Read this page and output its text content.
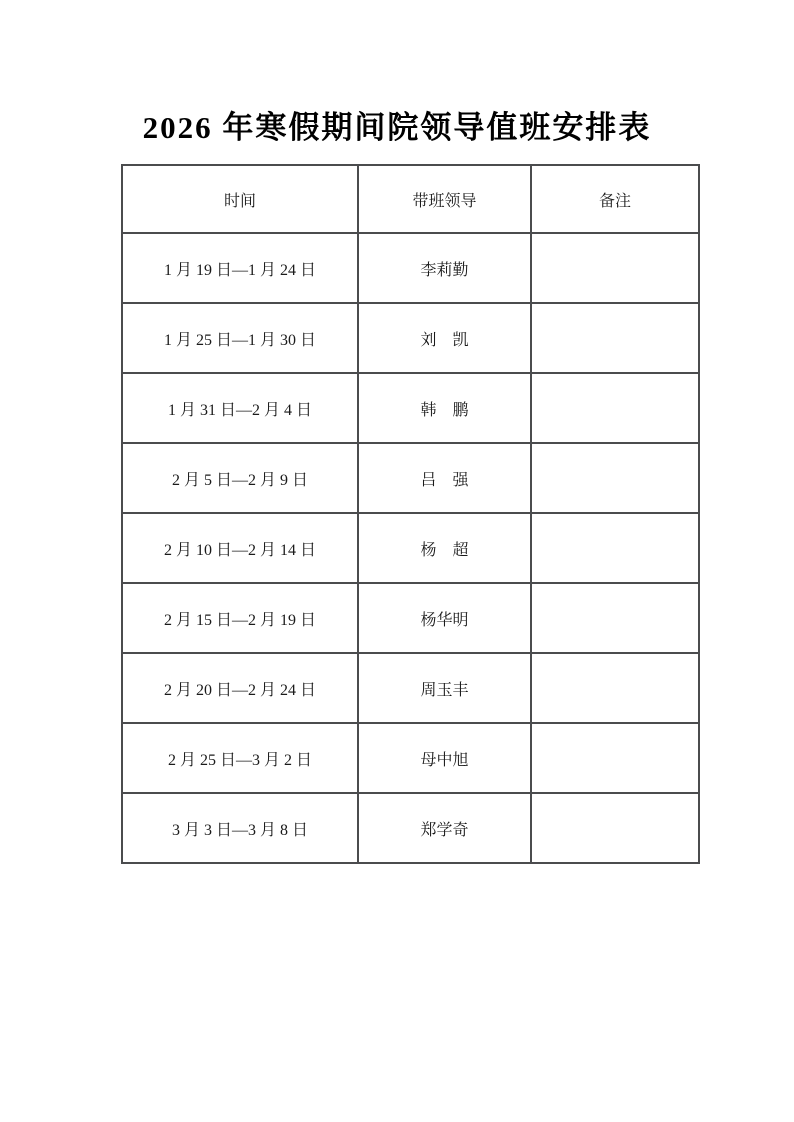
2026 年寒假期间院领导值班安排表
时间	带班领导	备注
1 月 19 日—1 月 24 日	李莉勤	
1 月 25 日—1 月 30 日	刘　凯	
1 月 31 日—2 月 4 日	韩　鹏	
2 月 5 日—2 月 9 日	吕　强	
2 月 10 日—2 月 14 日	杨　超	
2 月 15 日—2 月 19 日	杨华明	
2 月 20 日—2 月 24 日	周玉丰	
2 月 25 日—3 月 2 日	母中旭	
3 月 3 日—3 月 8 日	郑学奇	
